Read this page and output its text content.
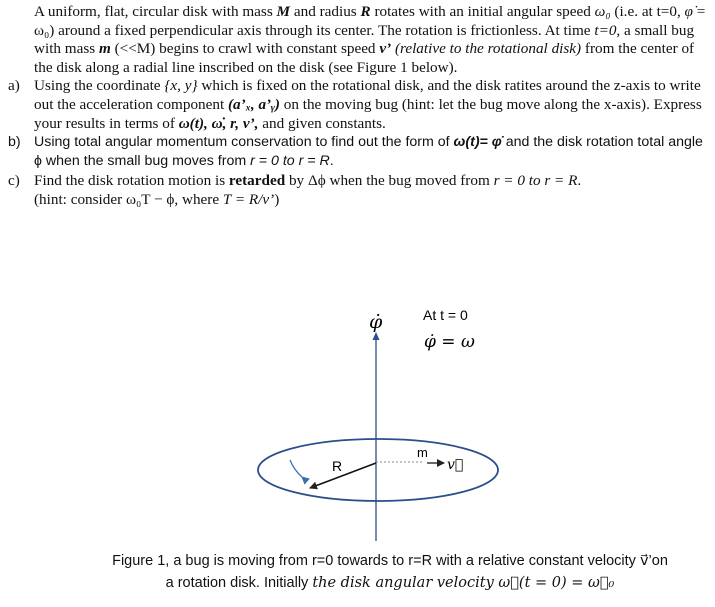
A uniform, flat, circular disk with mass M and radius R rotates with an initial angular speed ω₀ (i.e. at t=0, φ̇ = ω₀) around a fixed perpendicular axis through its center. The rotation is frictionless. At time t=0, a small bug with mass m (<<M) begins to crawl with constant speed v’ (relative to the rotational disk) from the center of the disk along a radial line inscribed on the disk (see Figure 1 below).
a) Using the coordinate {x, y} which is fixed on the rotational disk, and the disk ratites around the z-axis to write out the acceleration component (a’ₓ, a’ᵧ) on the moving bug (hint: let the bug move along the x-axis). Express your results in terms of ω(t), ω̇, r, v’, and given constants.
b) Using total angular momentum conservation to find out the form of ω(t)= φ̇ and the disk rotation total angle ϕ when the small bug moves from r = 0 to r = R.
c) Find the disk rotation motion is retarded by Δϕ when the bug moved from r = 0 to r = R.
(hint: consider ω₀T − ϕ, where T = R/v’)
φ̇	At t = 0
φ̇ = ω
R
m
v⃗
Figure 1, a bug is moving from r=0 towards to r=R with a relative constant velocity v⃗’on
a rotation disk. Initially the disk angular velocity ω⃗(t = 0) = ω⃗₀
